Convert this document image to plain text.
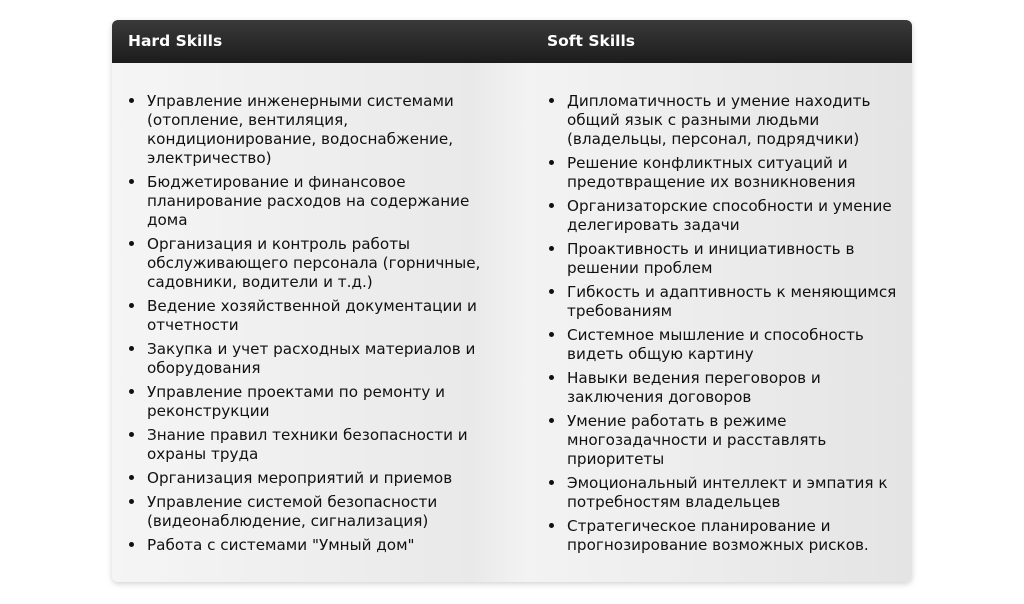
Hard Skills	Soft Skills
Управление инженерными системами (отопление, вентиляция, кондиционирование, водоснабжение, электричество)
Бюджетирование и финансовое планирование расходов на содержание дома
Организация и контроль работы обслуживающего персонала (горничные, садовники, водители и т.д.)
Ведение хозяйственной документации и отчетности
Закупка и учет расходных материалов и оборудования
Управление проектами по ремонту и реконструкции
Знание правил техники безопасности и охраны труда
Организация мероприятий и приемов
Управление системой безопасности (видеонаблюдение, сигнализация)
Работа с системами "Умный дом"
Дипломатичность и умение находить общий язык с разными людьми (владельцы, персонал, подрядчики)
Решение конфликтных ситуаций и предотвращение их возникновения
Организаторские способности и умение делегировать задачи
Проактивность и инициативность в решении проблем
Гибкость и адаптивность к меняющимся требованиям
Системное мышление и способность видеть общую картину
Навыки ведения переговоров и заключения договоров
Умение работать в режиме многозадачности и расставлять приоритеты
Эмоциональный интеллект и эмпатия к потребностям владельцев
Стратегическое планирование и прогнозирование возможных рисков.
